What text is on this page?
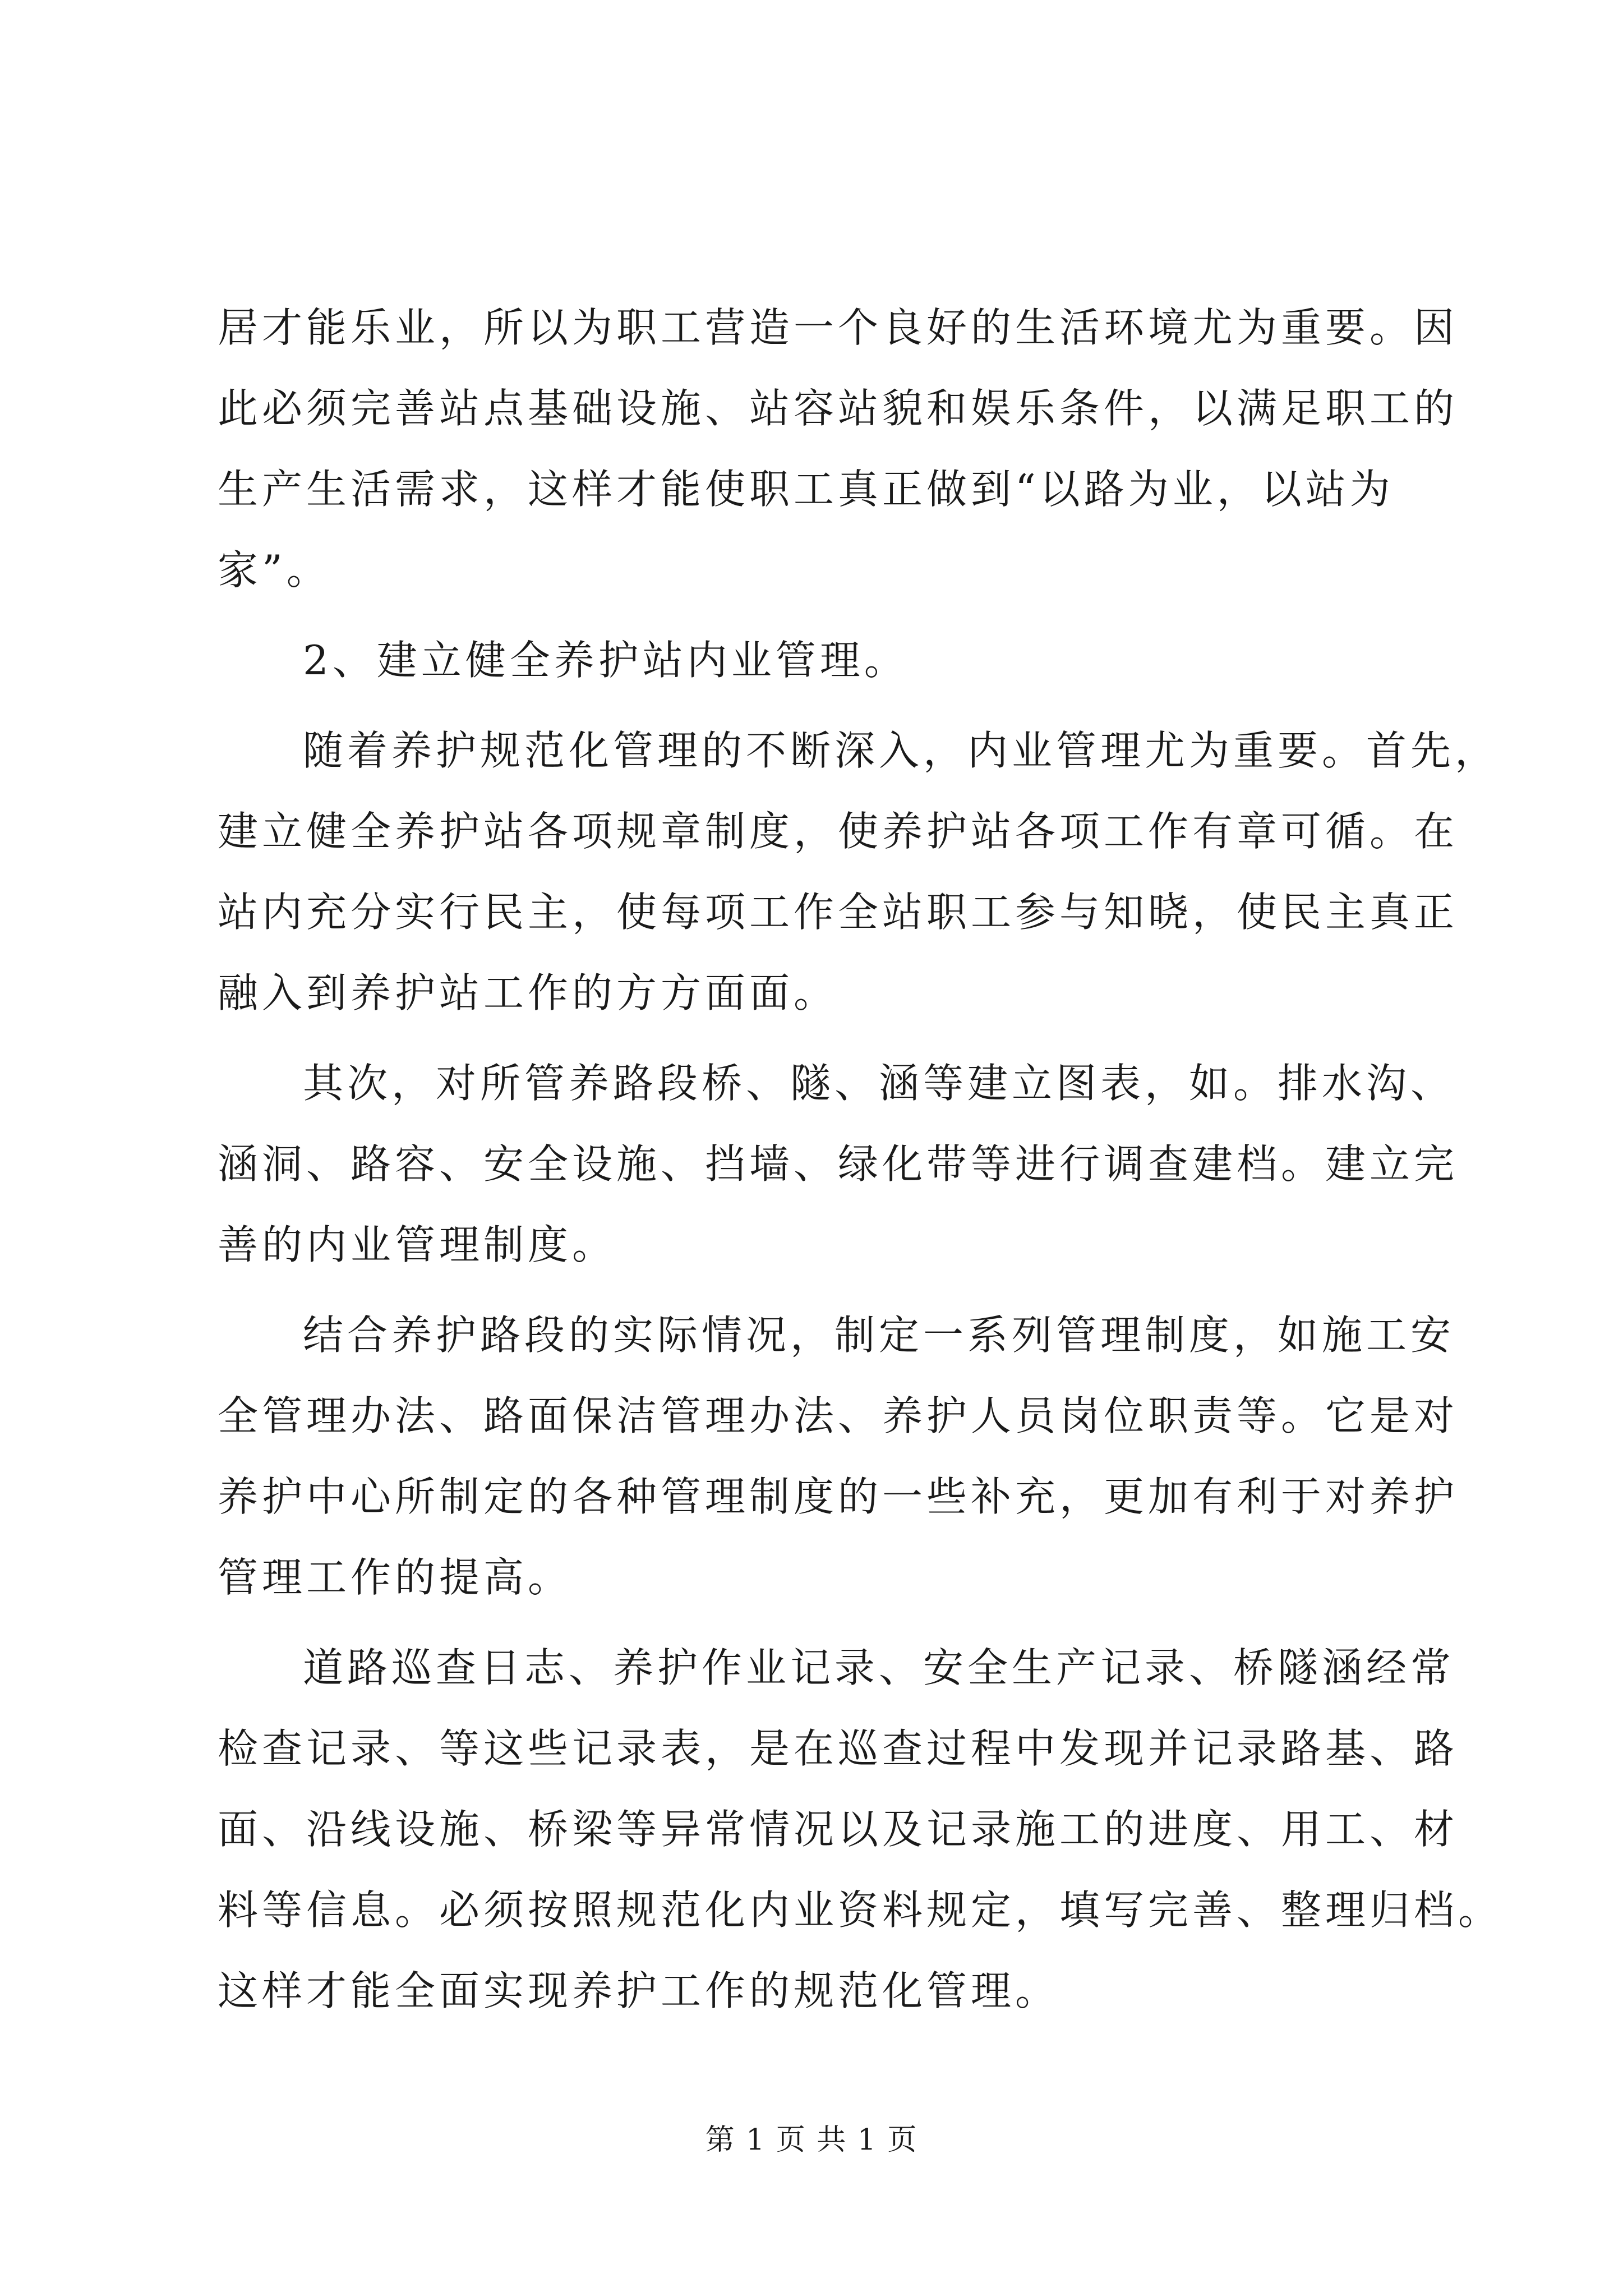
居才能乐业，所以为职工营造一个良好的生活环境尤为重要。因
此必须完善站点基础设施、站容站貌和娱乐条件，以满足职工的
生产生活需求，这样才能使职工真正做到“以路为业，以站为
家”。
2、建立健全养护站内业管理。
随着养护规范化管理的不断深入，内业管理尤为重要。首先，
建立健全养护站各项规章制度，使养护站各项工作有章可循。在
站内充分实行民主，使每项工作全站职工参与知晓，使民主真正
融入到养护站工作的方方面面。
其次，对所管养路段桥、隧、涵等建立图表，如。排水沟、
涵洞、路容、安全设施、挡墙、绿化带等进行调查建档。建立完
善的内业管理制度。
结合养护路段的实际情况，制定一系列管理制度，如施工安
全管理办法、路面保洁管理办法、养护人员岗位职责等。它是对
养护中心所制定的各种管理制度的一些补充，更加有利于对养护
管理工作的提高。
道路巡查日志、养护作业记录、安全生产记录、桥隧涵经常
检查记录、等这些记录表，是在巡查过程中发现并记录路基、路
面、沿线设施、桥梁等异常情况以及记录施工的进度、用工、材
料等信息。必须按照规范化内业资料规定，填写完善、整理归档。
这样才能全面实现养护工作的规范化管理。
第 1 页 共 1 页
